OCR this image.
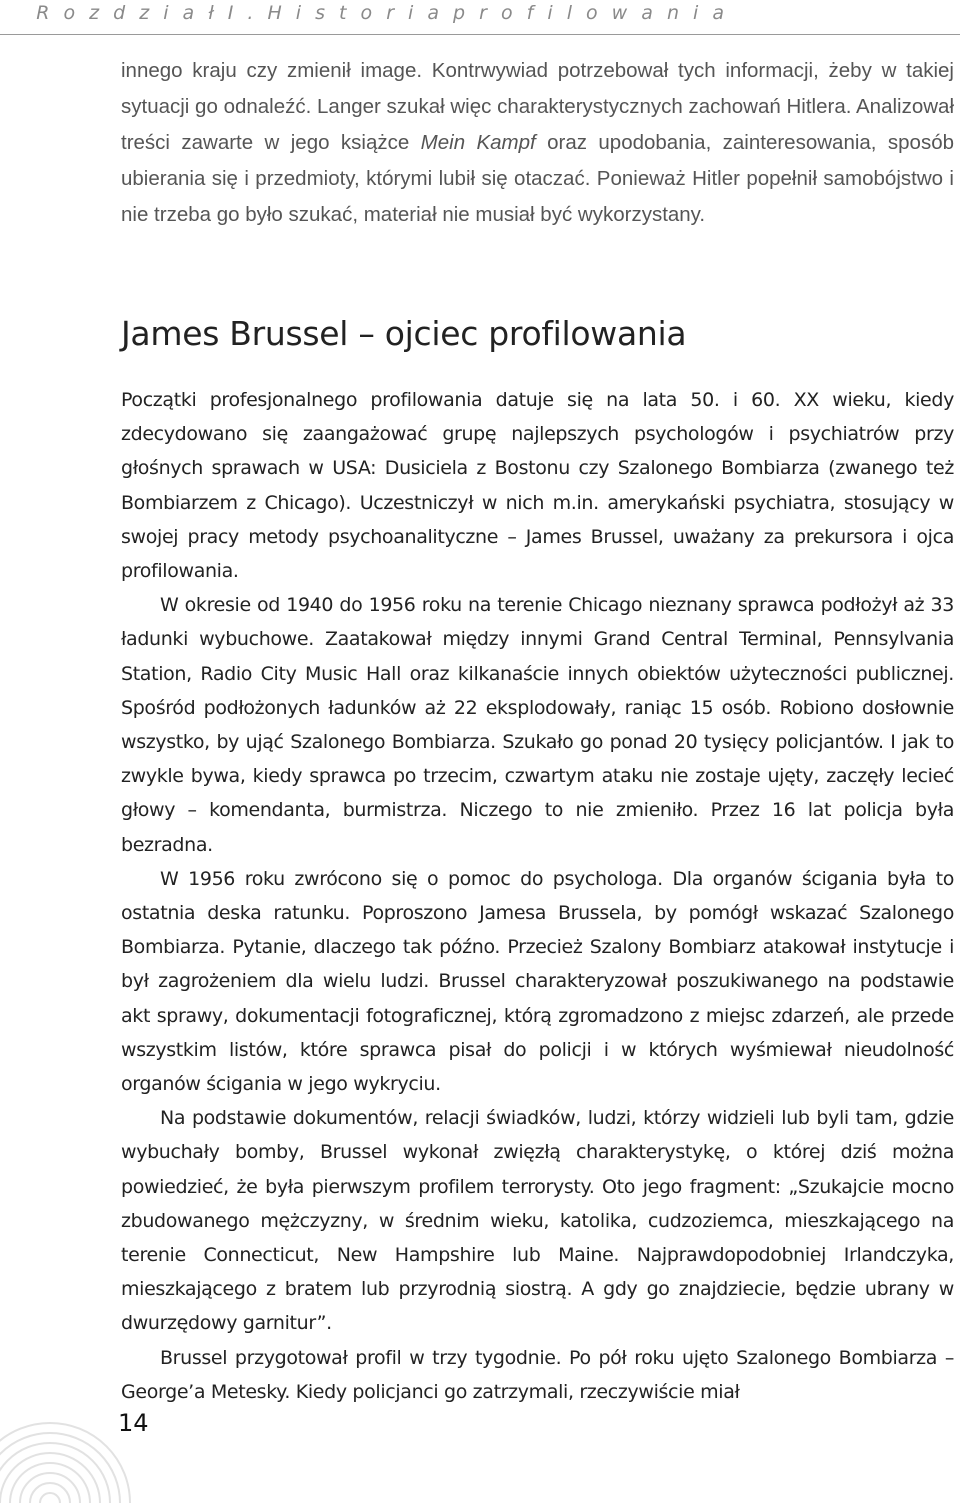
R o z d z i a ł I . H i s t o r i a p r o f i l o w a n i a

innego kraju czy zmienił image. Kontrwywiad potrzebował tych informacji, żeby w takiej sytuacji go odnaleźć. Langer szukał więc charakterystycznych zachowań Hitlera. Analizował treści zawarte w jego książce Mein Kampf oraz upodobania, zainteresowania, sposób ubierania się i przedmioty, którymi lubił się otaczać. Ponieważ Hitler popełnił samobójstwo i nie trzeba go było szukać, materiał nie musiał być wykorzystany.

James Brussel – ojciec profilowania

Początki profesjonalnego profilowania datuje się na lata 50. i 60. XX wieku, kiedy zdecydowano się zaangażować grupę najlepszych psychologów i psychiatrów przy głośnych sprawach w USA: Dusiciela z Bostonu czy Szalonego Bombiarza (zwanego też Bombiarzem z Chicago). Uczestniczył w nich m.in. amerykański psychiatra, stosujący w swojej pracy metody psychoanalityczne – James Brussel, uważany za prekursora i ojca profilowania.

W okresie od 1940 do 1956 roku na terenie Chicago nieznany sprawca podłożył aż 33 ładunki wybuchowe. Zaatakował między innymi Grand Central Terminal, Pennsylvania Station, Radio City Music Hall oraz kilkanaście innych obiektów użyteczności publicznej. Spośród podłożonych ładunków aż 22 eksplodowały, raniąc 15 osób. Robiono dosłownie wszystko, by ująć Szalonego Bombiarza. Szukało go ponad 20 tysięcy policjantów. I jak to zwykle bywa, kiedy sprawca po trzecim, czwartym ataku nie zostaje ujęty, zaczęły lecieć głowy – komendanta, burmistrza. Niczego to nie zmieniło. Przez 16 lat policja była bezradna.

W 1956 roku zwrócono się o pomoc do psychologa. Dla organów ścigania była to ostatnia deska ratunku. Poproszono Jamesa Brussela, by pomógł wskazać Szalonego Bombiarza. Pytanie, dlaczego tak późno. Przecież Szalony Bombiarz atakował instytucje i był zagrożeniem dla wielu ludzi. Brussel charakteryzował poszukiwanego na podstawie akt sprawy, dokumentacji fotograficznej, którą zgromadzono z miejsc zdarzeń, ale przede wszystkim listów, które sprawca pisał do policji i w których wyśmiewał nieudolność organów ścigania w jego wykryciu.

Na podstawie dokumentów, relacji świadków, ludzi, którzy widzieli lub byli tam, gdzie wybuchały bomby, Brussel wykonał zwięzłą charakterystykę, o której dziś można powiedzieć, że była pierwszym profilem terrorysty. Oto jego fragment: „Szukajcie mocno zbudowanego mężczyzny, w średnim wieku, katolika, cudzoziemca, mieszkającego na terenie Connecticut, New Hampshire lub Maine. Najprawdopodobniej Irlandczyka, mieszkającego z bratem lub przyrodnią siostrą. A gdy go znajdziecie, będzie ubrany w dwurzędowy garnitur”.

Brussel przygotował profil w trzy tygodnie. Po pół roku ujęto Szalonego Bombiarza – George’a Metesky. Kiedy policjanci go zatrzymali, rzeczywiście miał

14
